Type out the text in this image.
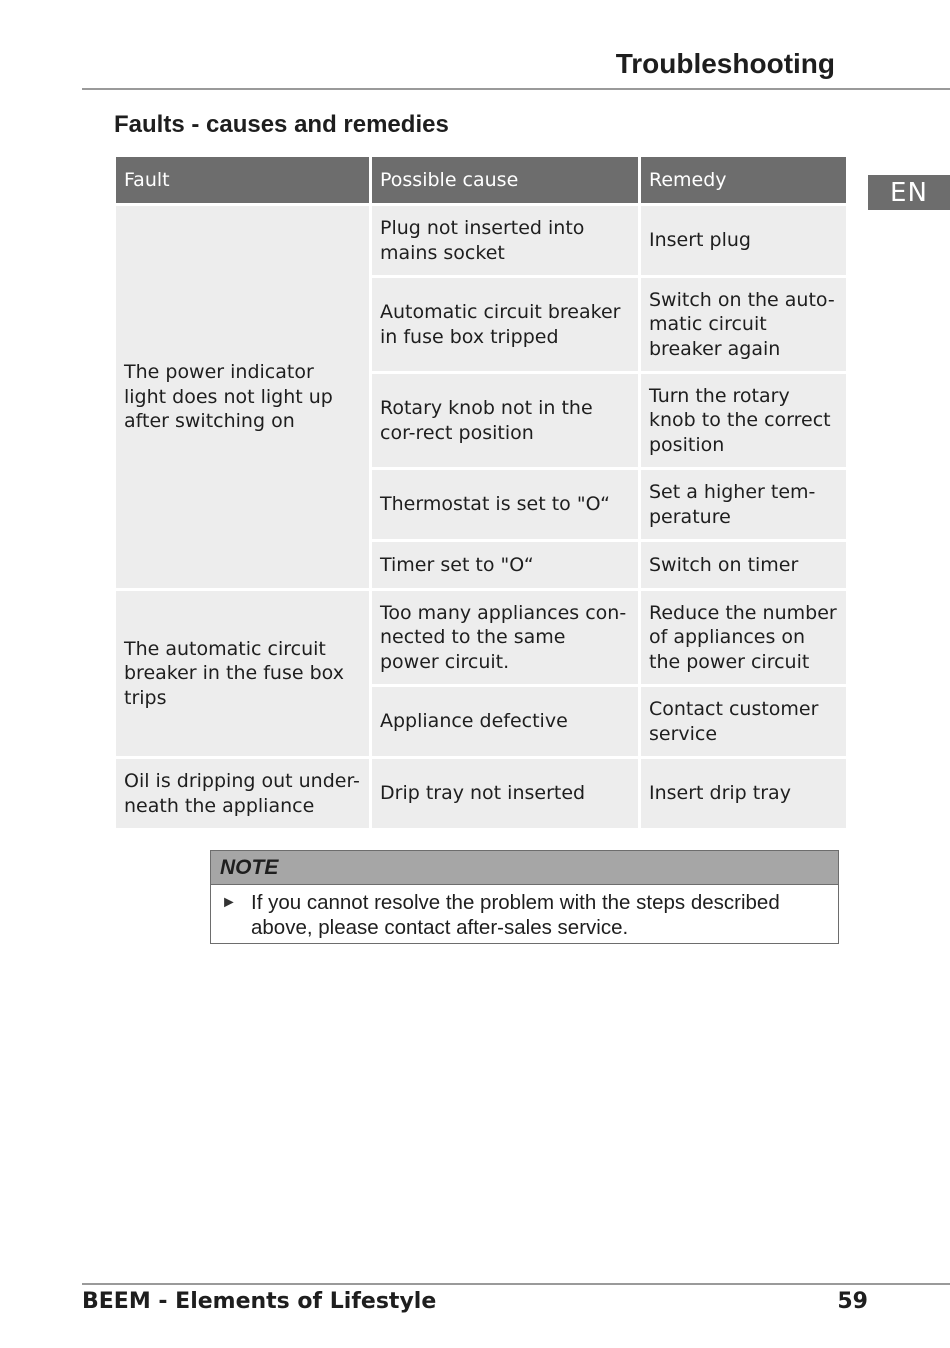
Troubleshooting
Faults - causes and remedies
EN
Fault	Possible cause	Remedy
The power indicator light does not light up after switching on	Plug not inserted into mains socket	Insert plug
	Automatic circuit breaker in fuse box tripped	Switch on the auto-matic circuit breaker again
	Rotary knob not in the cor-rect position	Turn the rotary knob to the correct position
	Thermostat is set to "O“	Set a higher tem-perature
	Timer set to "O“	Switch on timer
The automatic circuit breaker in the fuse box trips	Too many appliances con-nected to the same power circuit.	Reduce the number of appliances on the power circuit
	Appliance defective	Contact customer service
Oil is dripping out under-neath the appliance	Drip tray not inserted	Insert drip tray
NOTE
► If you cannot resolve the problem with the steps described above, please contact after-sales service.
BEEM - Elements of Lifestyle	59
